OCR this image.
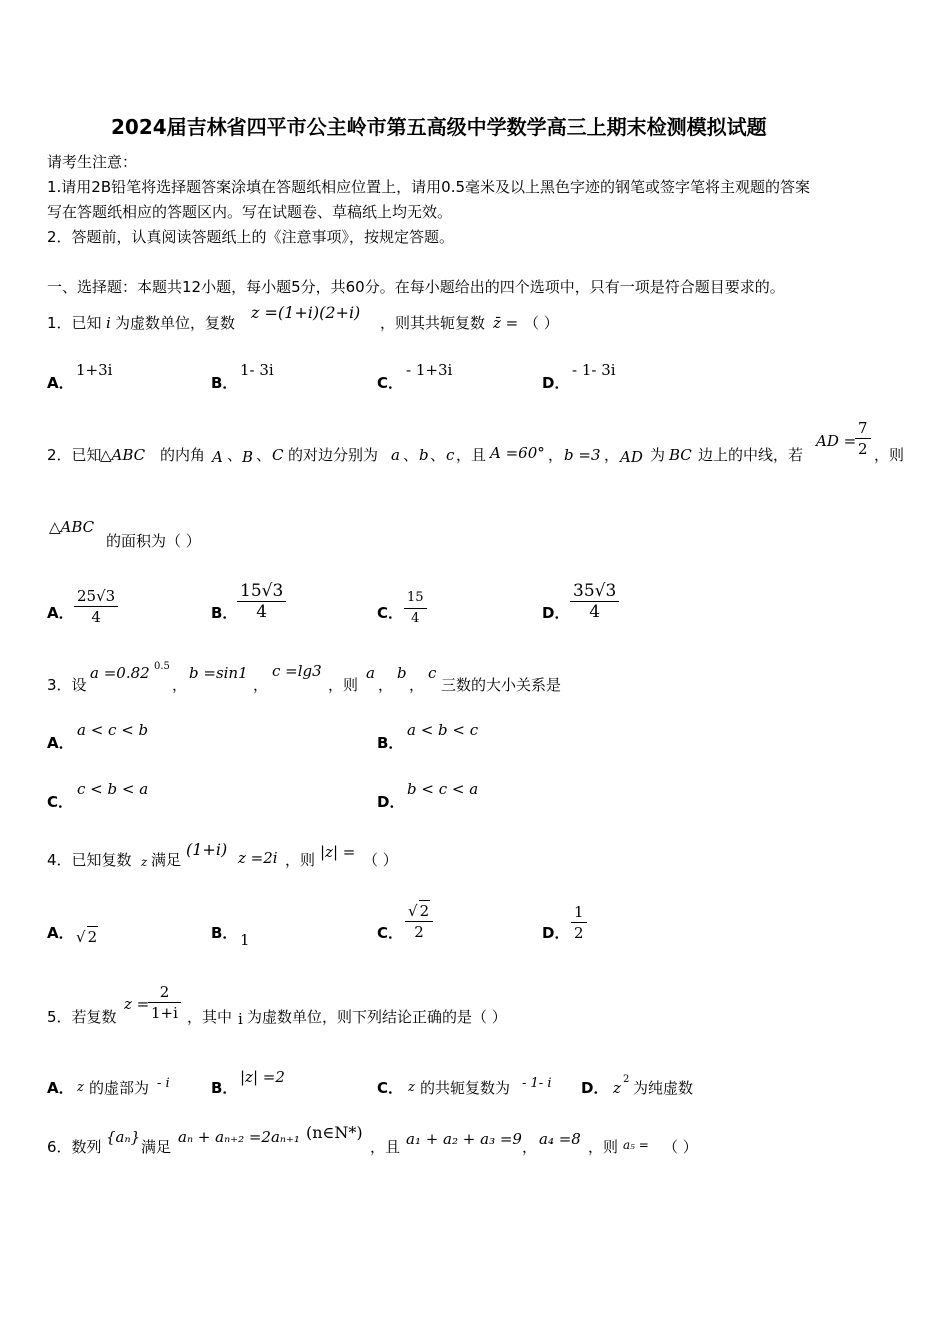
2024届吉林省四平市公主岭市第五高级中学数学高三上期末检测模拟试题
请考生注意：
1.请用2B铅笔将选择题答案涂填在答题纸相应位置上，请用0.5毫米及以上黑色字迹的钢笔或签字笔将主观题的答案
写在答题纸相应的答题区内。写在试题卷、草稿纸上均无效。
2．答题前，认真阅读答题纸上的《注意事项》，按规定答题。
一、选择题：本题共12小题，每小题5分，共60分。在每小题给出的四个选项中，只有一项是符合题目要求的。
1．已知 i 为虚数单位，复数
z =(1+i)(2+i)
，则其共轭复数 z̄ = （ ）
A．
1+3i
B．
1- 3i
C．
- 1+3i
D．
- 1- 3i
2．已知
△ABC 的内角 A 、 B 、 C 的对边分别为 a 、 b 、 c ，且 A =60° ， b =3 ， AD 为 BC 边上的中线，若
AD =
$\frac{7}{2}$ ，则
△ABC
的面积为（ ）
A． $\frac{25√3}{4}$	B． $\frac{15√3}{4}$	C． $\frac{15}{4}$	D． $\frac{35√3}{4}$
3．设
a =0.82 0.5
，
b =sin1
，
c =lg3
，则
a
，
b
，
c
三数的大小关系是
A．
a < c < b
B．
a < b < c
C．
c < b < a
D．
b < c < a
4．已知复数 z 满足
(1+i) z =2i ，则 |z| = （ ）
A． √ 2	B． 1	C． $\frac{√ 2}{2}$	D． $\frac{1}{2}$
5．若复数
z =
$\frac{2}{1+i}$ ，其中 i 为虚数单位，则下列结论正确的是（ ）
A． z 的虚部为 - i	B．
|z| =2
C． z 的共轭复数为 - 1- i D． z 2 为纯虚数
6．数列
{aₙ}
满足
aₙ + aₙ₊₂ =2aₙ₊₁ (n∈N*)
，且 a₁ + a₂ + a₃ =9 ， a₄ =8 ，则 a₅ = （ ）
